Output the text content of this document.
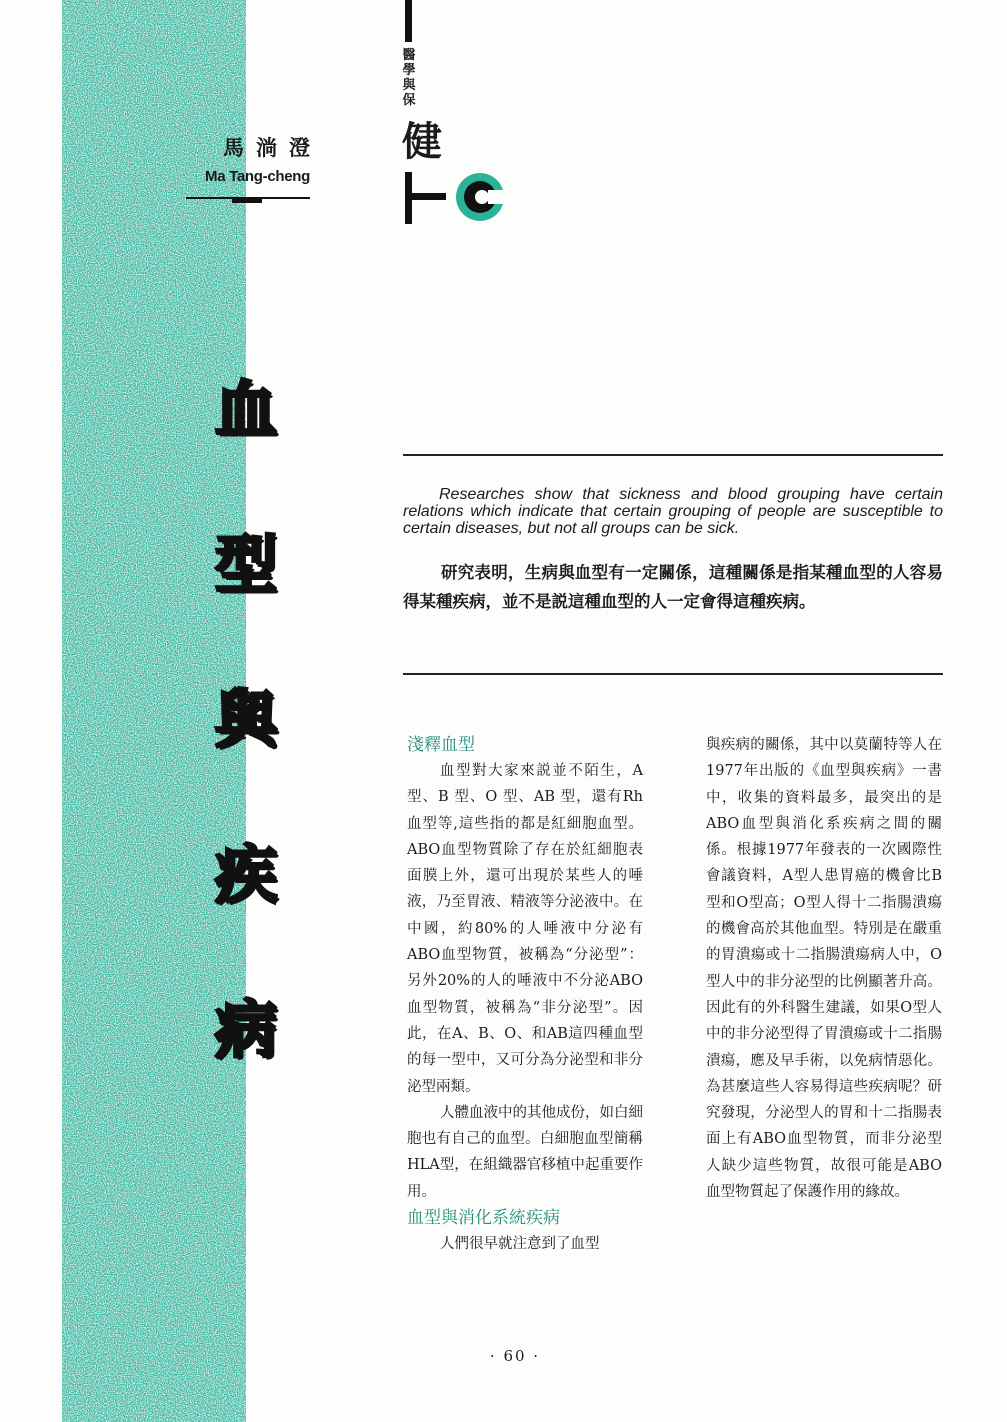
馬淌澄
Ma Tang-cheng
醫學與保
健
血
型
與
疾
病
Researches show that sickness and blood grouping have certain relations which indicate that certain grouping of people are susceptible to certain diseases, but not all groups can be sick.
研究表明，生病與血型有一定關係，這種關係是指某種血型的人容易得某種疾病，並不是説這種血型的人一定會得這種疾病。

淺釋血型

血型對大家來説並不陌生，A 型、B 型、O 型、AB 型，還有Rh血型等,這些指的都是紅細胞血型。ABO血型物質除了存在於紅細胞表面膜上外，還可出現於某些人的唾液，乃至胃液、精液等分泌液中。在中國，約80%的人唾液中分泌有ABO血型物質，被稱為“分泌型”：另外20%的人的唾液中不分泌ABO血型物質，被稱為“非分泌型”。因此，在A、B、O、和AB這四種血型的每一型中，又可分為分泌型和非分泌型兩類。

人體血液中的其他成份，如白細胞也有自己的血型。白細胞血型簡稱HLA型，在組織器官移植中起重要作用。

血型與消化系統疾病

人們很早就注意到了血型

與疾病的關係，其中以莫蘭特等人在1977年出版的《血型與疾病》一書中，收集的資料最多，最突出的是ABO血型與消化系疾病之間的關係。根據1977年發表的一次國際性會議資料，A型人患胃癌的機會比B型和O型高；O型人得十二指腸潰瘍的機會高於其他血型。特別是在嚴重的胃潰瘍或十二指腸潰瘍病人中，O型人中的非分泌型的比例顯著升高。因此有的外科醫生建議，如果O型人中的非分泌型得了胃潰瘍或十二指腸潰瘍，應及早手術，以免病情惡化。為甚麼這些人容易得這些疾病呢？研究發現，分泌型人的胃和十二指腸表面上有ABO血型物質，而非分泌型人缺少這些物質，故很可能是ABO血型物質起了保護作用的緣故。

· 60 ·
